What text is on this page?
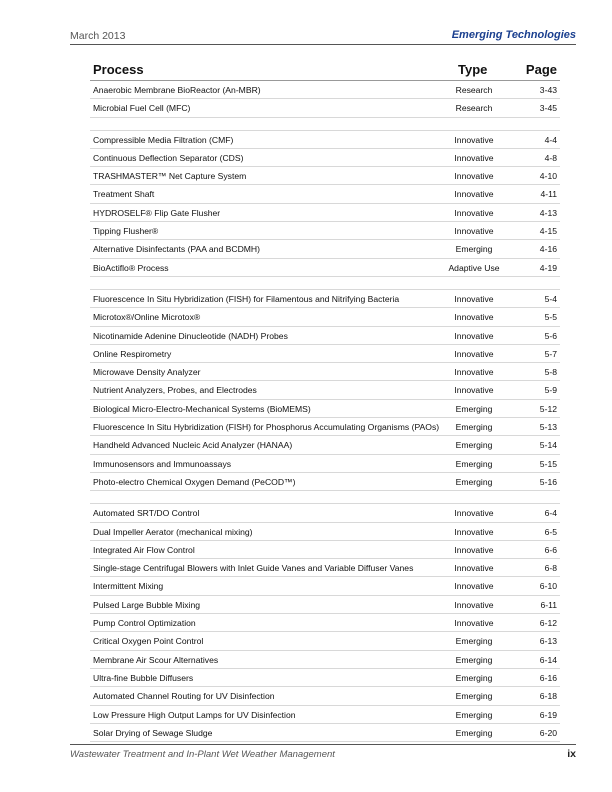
March 2013	Emerging Technologies
Process	Type	Page
Anaerobic Membrane BioReactor (An-MBR)	Research	3-43
Microbial Fuel Cell (MFC)	Research	3-45
Compressible Media Filtration (CMF)	Innovative	4-4
Continuous Deflection Separator (CDS)	Innovative	4-8
TRASHMASTER™ Net Capture System	Innovative	4-10
Treatment Shaft	Innovative	4-11
HYDROSELF® Flip Gate Flusher	Innovative	4-13
Tipping Flusher®	Innovative	4-15
Alternative Disinfectants (PAA and BCDMH)	Emerging	4-16
BioActiflo® Process	Adaptive Use	4-19
Fluorescence In Situ Hybridization (FISH) for Filamentous and Nitrifying Bacteria	Innovative	5-4
Microtox®/Online Microtox®	Innovative	5-5
Nicotinamide Adenine Dinucleotide (NADH) Probes	Innovative	5-6
Online Respirometry	Innovative	5-7
Microwave Density Analyzer	Innovative	5-8
Nutrient Analyzers, Probes, and Electrodes	Innovative	5-9
Biological Micro-Electro-Mechanical Systems (BioMEMS)	Emerging	5-12
Fluorescence In Situ Hybridization (FISH) for Phosphorus Accumulating Organisms (PAOs)	Emerging	5-13
Handheld Advanced Nucleic Acid Analyzer (HANAA)	Emerging	5-14
Immunosensors and Immunoassays	Emerging	5-15
Photo-electro Chemical Oxygen Demand (PeCOD™)	Emerging	5-16
Automated SRT/DO Control	Innovative	6-4
Dual Impeller Aerator (mechanical mixing)	Innovative	6-5
Integrated Air Flow Control	Innovative	6-6
Single-stage Centrifugal Blowers with Inlet Guide Vanes and Variable Diffuser Vanes	Innovative	6-8
Intermittent Mixing	Innovative	6-10
Pulsed Large Bubble Mixing	Innovative	6-11
Pump Control Optimization	Innovative	6-12
Critical Oxygen Point Control	Emerging	6-13
Membrane Air Scour Alternatives	Emerging	6-14
Ultra-fine Bubble Diffusers	Emerging	6-16
Automated Channel Routing for UV Disinfection	Emerging	6-18
Low Pressure High Output Lamps for UV Disinfection	Emerging	6-19
Solar Drying of Sewage Sludge	Emerging	6-20
Wastewater Treatment and In-Plant Wet Weather Management	ix
